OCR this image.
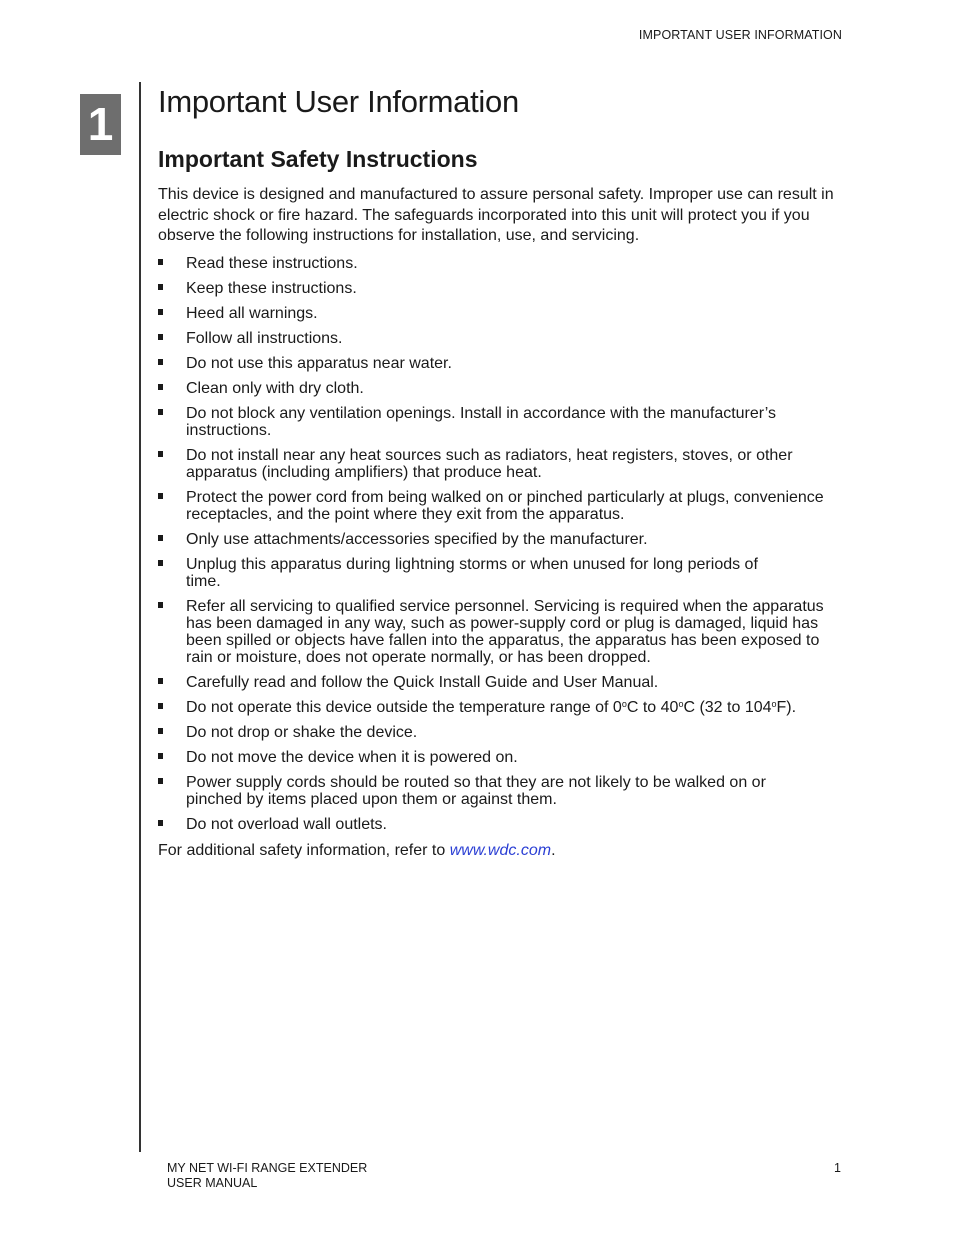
IMPORTANT USER INFORMATION
1 Important User Information
Important Safety Instructions

This device is designed and manufactured to assure personal safety. Improper use can result in electric shock or fire hazard. The safeguards incorporated into this unit will protect you if you observe the following instructions for installation, use, and servicing.

Read these instructions.
Keep these instructions.
Heed all warnings.
Follow all instructions.
Do not use this apparatus near water.
Clean only with dry cloth.
Do not block any ventilation openings. Install in accordance with the manufacturer’s instructions.
Do not install near any heat sources such as radiators, heat registers, stoves, or other apparatus (including amplifiers) that produce heat.
Protect the power cord from being walked on or pinched particularly at plugs, convenience receptacles, and the point where they exit from the apparatus.
Only use attachments/accessories specified by the manufacturer.
Unplug this apparatus during lightning storms or when unused for long periods of time.
Refer all servicing to qualified service personnel. Servicing is required when the apparatus has been damaged in any way, such as power-supply cord or plug is damaged, liquid has been spilled or objects have fallen into the apparatus, the apparatus has been exposed to rain or moisture, does not operate normally, or has been dropped.
Carefully read and follow the Quick Install Guide and User Manual.
Do not operate this device outside the temperature range of 0$^o$C to 40$^o$C (32 to 104$^o$F).
Do not drop or shake the device.
Do not move the device when it is powered on.
Power supply cords should be routed so that they are not likely to be walked on or pinched by items placed upon them or against them.
Do not overload wall outlets.

For additional safety information, refer to www.wdc.com.

MY NET WI-FI RANGE EXTENDER
USER MANUAL
1
